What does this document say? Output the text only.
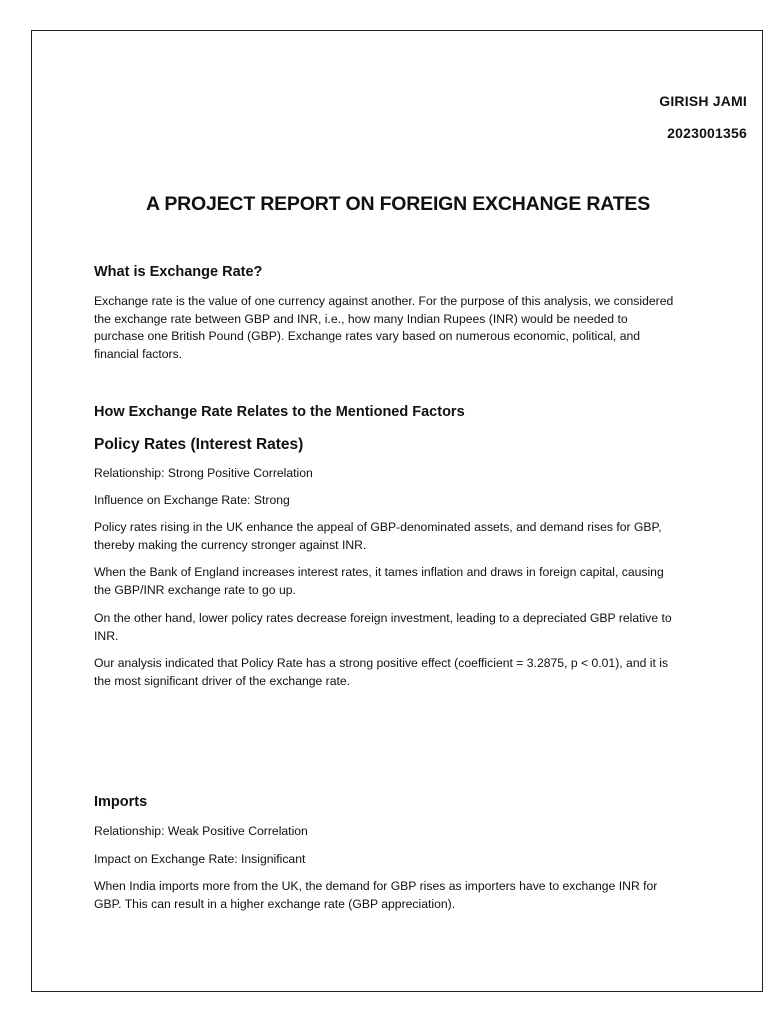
GIRISH JAMI
2023001356
A PROJECT REPORT ON FOREIGN EXCHANGE RATES
What is Exchange Rate?
Exchange rate is the value of one currency against another. For the purpose of this analysis, we considered the exchange rate between GBP and INR, i.e., how many Indian Rupees (INR) would be needed to purchase one British Pound (GBP). Exchange rates vary based on numerous economic, political, and financial factors.
How Exchange Rate Relates to the Mentioned Factors
Policy Rates (Interest Rates)
Relationship: Strong Positive Correlation
Influence on Exchange Rate: Strong
Policy rates rising in the UK enhance the appeal of GBP-denominated assets, and demand rises for GBP, thereby making the currency stronger against INR.
When the Bank of England increases interest rates, it tames inflation and draws in foreign capital, causing the GBP/INR exchange rate to go up.
On the other hand, lower policy rates decrease foreign investment, leading to a depreciated GBP relative to INR.
Our analysis indicated that Policy Rate has a strong positive effect (coefficient = 3.2875, p < 0.01), and it is the most significant driver of the exchange rate.
Imports
Relationship: Weak Positive Correlation
Impact on Exchange Rate: Insignificant
When India imports more from the UK, the demand for GBP rises as importers have to exchange INR for GBP. This can result in a higher exchange rate (GBP appreciation).
